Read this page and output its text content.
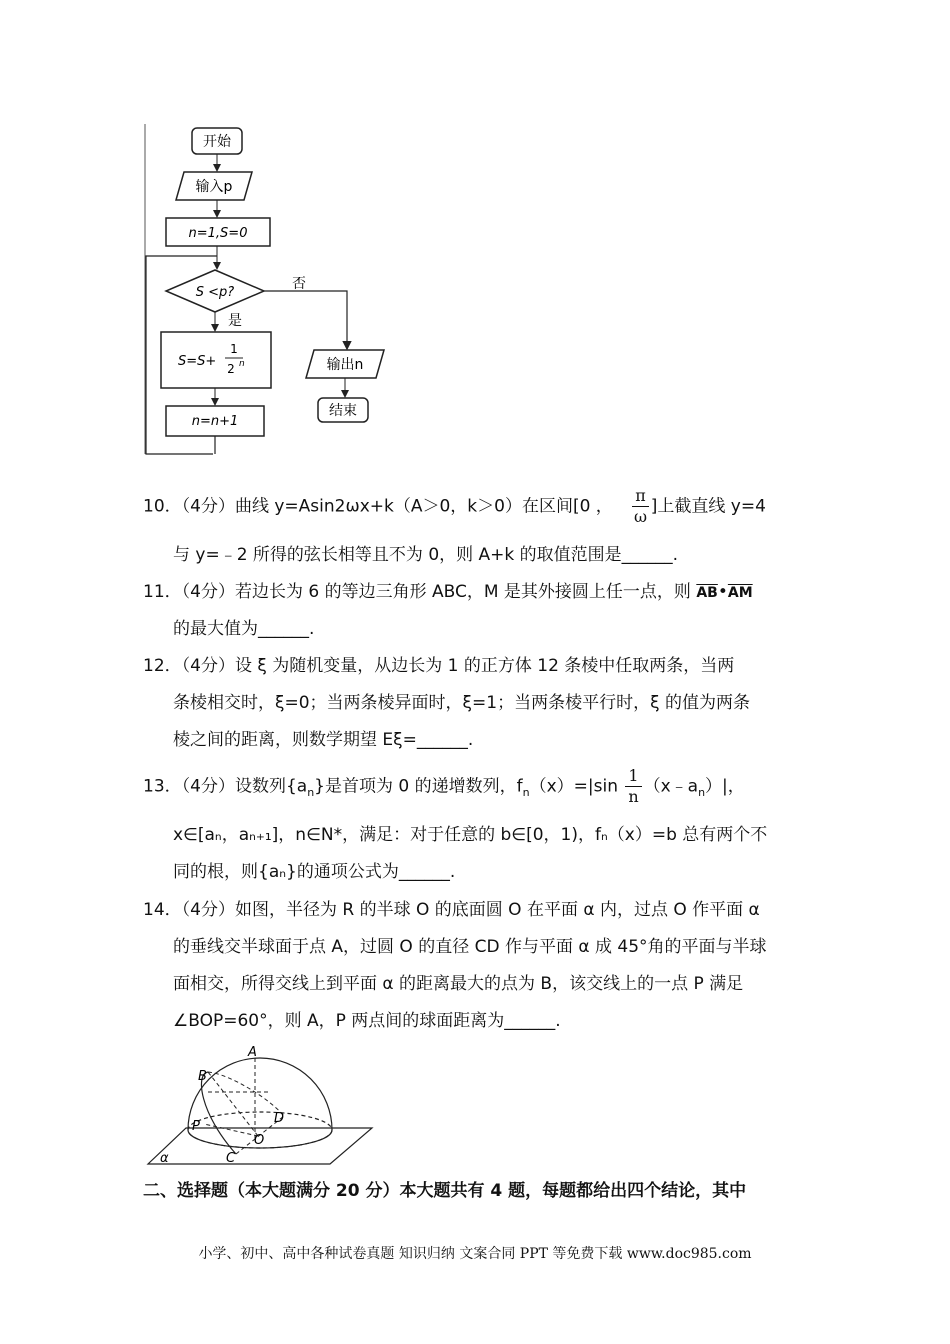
开始
输入p
n=1,S=0
S <p?
否
是
S=S+
1
2 n
n=n+1
输出n
结束
10．（4分）曲线 y=Asin2ωx+k（A＞0，k＞0）在区间[0 ， $\frac{\pi}{\omega}$ ]上截直线 y=4
与 y=﹣2 所得的弦长相等且不为 0，则 A+k 的取值范围是______.
11．（4分）若边长为 6 的等边三角形 ABC，M 是其外接圆上任一点，则 $\overline{AB}•\overline{AM}$
的最大值为______.
12．（4分）设 ξ 为随机变量，从边长为 1 的正方体 12 条棱中任取两条，当两
条棱相交时，ξ=0；当两条棱异面时，ξ=1；当两条棱平行时，ξ 的值为两条
棱之间的距离，则数学期望 Eξ=______.
13．（4分）设数列$\{a_n\}$是首项为 0 的递增数列，$f_n(x)=|\sin \frac{1}{n}$ $(x﹣a_n)|$，
x∈[aₙ，aₙ₊₁]，n∈N*，满足：对于任意的 b∈[0，1)，fₙ（x）=b 总有两个不
同的根，则{aₙ}的通项公式为______.
14．（4分）如图，半径为 R 的半球 O 的底面圆 O 在平面 α 内，过点 O 作平面 α
的垂线交半球面于点 A，过圆 O 的直径 CD 作与平面 α 成 45°角的平面与半球
面相交，所得交线上到平面 α 的距离最大的点为 B，该交线上的一点 P 满足
∠BOP=60°，则 A，P 两点间的球面距离为______.
A
B
P
D
O
C
α
二、选择题（本大题满分 20 分）本大题共有 4 题，每题都给出四个结论，其中
小学、初中、高中各种试卷真题 知识归纳 文案合同 PPT 等免费下载 www.doc985.com
